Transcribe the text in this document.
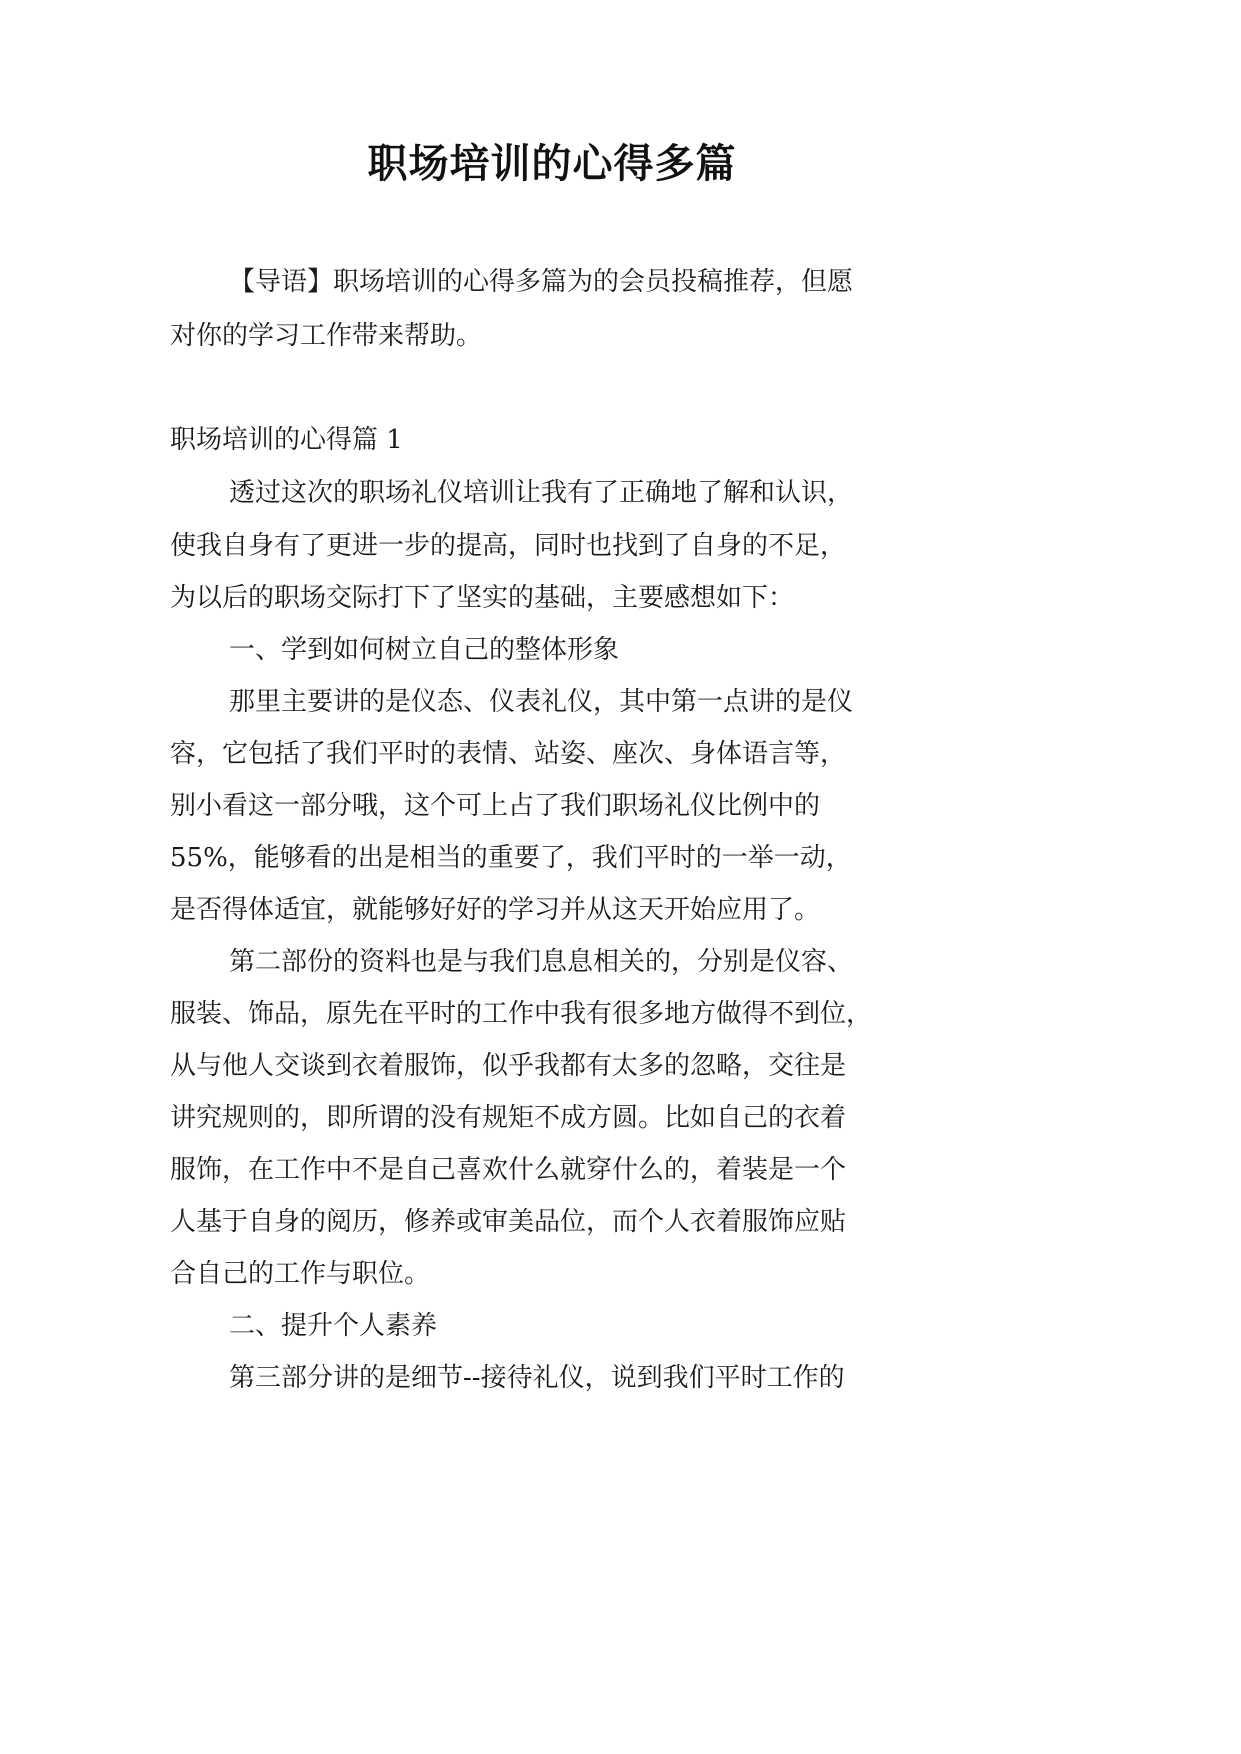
职场培训的心得多篇
【导语】职场培训的心得多篇为的会员投稿推荐，但愿
对你的学习工作带来帮助。
职场培训的心得篇 1
透过这次的职场礼仪培训让我有了正确地了解和认识，
使我自身有了更进一步的提高，同时也找到了自身的不足，
为以后的职场交际打下了坚实的基础，主要感想如下：
一、学到如何树立自己的整体形象
那里主要讲的是仪态、仪表礼仪，其中第一点讲的是仪
容，它包括了我们平时的表情、站姿、座次、身体语言等，
别小看这一部分哦，这个可上占了我们职场礼仪比例中的
55%，能够看的出是相当的重要了，我们平时的一举一动，
是否得体适宜，就能够好好的学习并从这天开始应用了。
第二部份的资料也是与我们息息相关的，分别是仪容、
服装、饰品，原先在平时的工作中我有很多地方做得不到位，
从与他人交谈到衣着服饰，似乎我都有太多的忽略，交往是
讲究规则的，即所谓的没有规矩不成方圆。比如自己的衣着
服饰，在工作中不是自己喜欢什么就穿什么的，着装是一个
人基于自身的阅历，修养或审美品位，而个人衣着服饰应贴
合自己的工作与职位。
二、提升个人素养
第三部分讲的是细节--接待礼仪，说到我们平时工作的
